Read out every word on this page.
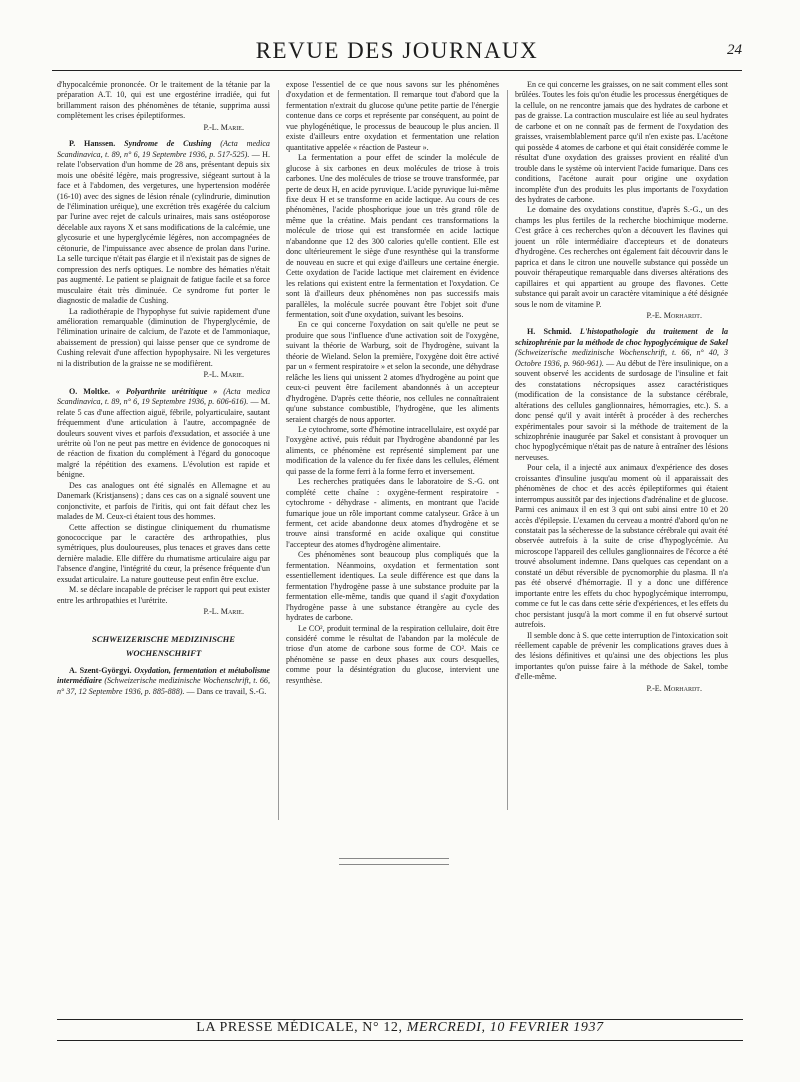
REVUE DES JOURNAUX	24

d'hypocalcémie prononcée. Or le traitement de la tétanie par la préparation A.T. 10, qui est une ergostérine irradiée, qui fut brillamment raison des phénomènes de tétanie, supprima aussi complètement les crises épileptiformes.

P.-L. Marie.

P. Hanssen. Syndrome de Cushing (Acta medica Scandinavica, t. 89, n° 6, 19 Septembre 1936, p. 517-525). — H. relate l'observation d'un homme de 28 ans, présentant depuis six mois une obésité légère, mais progressive, siégeant surtout à la face et à l'abdomen, des vergetures, une hypertension modérée (16-10) avec des signes de lésion rénale (cylindrurie, diminution de l'élimination uréique), une excrétion très exagérée du calcium par l'urine avec rejet de calculs urinaires, mais sans ostéoporose décelable aux rayons X et sans modifications de la calcémie, une glycosurie et une hyperglycémie légères, non accompagnées de cétonurie, de l'impuissance avec absence de prolan dans l'urine. La selle turcique n'était pas élargie et il n'existait pas de signes de compression des nerfs optiques. Le nombre des hématies n'était pas augmenté. Le patient se plaignait de fatigue facile et sa force musculaire était très diminuée. Ce syndrome fut porter le diagnostic de maladie de Cushing.

La radiothérapie de l'hypophyse fut suivie rapidement d'une amélioration remarquable (diminution de l'hyperglycémie, de l'élimination urinaire de calcium, de l'azote et de l'ammoniaque, abaissement de pression) qui laisse penser que ce syndrome de Cushing relevait d'une affection hypophysaire. Ni les vergetures ni la distribution de la graisse ne se modifièrent.

P.-L. Marie.

O. Moltke. « Polyarthrite urétritique » (Acta medica Scandinavica, t. 89, n° 6, 19 Septembre 1936, p. 606-616). — M. relate 5 cas d'une affection aiguë, fébrile, polyarticulaire, sautant fréquemment d'une articulation à l'autre, accompagnée de douleurs souvent vives et parfois d'exsudation, et associée à une urétrite où l'on ne peut pas mettre en évidence de gonocoques ni de réaction de fixation du complément à l'égard du gonocoque malgré la répétition des examens. L'évolution est rapide et bénigne.

Des cas analogues ont été signalés en Allemagne et au Danemark (Kristjansens) ; dans ces cas on a signalé souvent une conjonctivite, et parfois de l'iritis, qui ont fait défaut chez les malades de M. Ceux-ci étaient tous des hommes.

Cette affection se distingue cliniquement du rhumatisme gonococcique par le caractère des arthropathies, plus symétriques, plus douloureuses, plus tenaces et graves dans cette dernière maladie. Elle diffère du rhumatisme articulaire aigu par l'absence d'angine, l'intégrité du cœur, la présence fréquente d'un exsudat articulaire. La nature goutteuse peut enfin être exclue.

M. se déclare incapable de préciser le rapport qui peut exister entre les arthropathies et l'urétrite.

P.-L. Marie.
SCHWEIZERISCHE MEDIZINISCHE
WOCHENSCHRIFT

A. Szent-Györgyi. Oxydation, fermentation et métabolisme intermédiaire (Schweizerische medizinische Wochenschrift, t. 66, n° 37, 12 Septembre 1936, p. 885-888). — Dans ce travail, S.-G.

expose l'essentiel de ce que nous savons sur les phénomènes d'oxydation et de fermentation. Il remarque tout d'abord que la fermentation n'extrait du glucose qu'une petite partie de l'énergie contenue dans ce corps et représente par conséquent, au point de vue phylogénétique, le processus de beaucoup le plus ancien. Il existe d'ailleurs entre oxydation et fermentation une relation quantitative appelée « réaction de Pasteur ».

La fermentation a pour effet de scinder la molécule de glucose à six carbones en deux molécules de triose à trois carbones. Une des molécules de triose se trouve transformée, par perte de deux H, en acide pyruvique. L'acide pyruvique lui-même fixe deux H et se transforme en acide lactique. Au cours de ces phénomènes, l'acide phosphorique joue un très grand rôle de même que la créatine. Mais pendant ces transformations la molécule de triose qui est transformée en acide lactique n'abandonne que 12 des 300 calories qu'elle contient. Elle est donc ultérieurement le siège d'une resynthèse qui la transforme de nouveau en sucre et qui exige d'ailleurs une certaine énergie. Cette oxydation de l'acide lactique met clairement en évidence les relations qui existent entre la fermentation et l'oxydation. Ce sont là d'ailleurs deux phénomènes non pas successifs mais parallèles, la molécule sucrée pouvant être l'objet soit d'une fermentation, soit d'une oxydation, suivant les besoins.

En ce qui concerne l'oxydation on sait qu'elle ne peut se produire que sous l'influence d'une activation soit de l'oxygène, suivant la théorie de Warburg, soit de l'hydrogène, suivant la théorie de Wieland. Selon la première, l'oxygène doit être activé par un « ferment respiratoire » et selon la seconde, une déhydrase relâche les liens qui unissent 2 atomes d'hydrogène au point que ceux-ci peuvent être facilement abandonnés à un accepteur d'hydrogène. D'après cette théorie, nos cellules ne connaîtraient qu'une substance combustible, l'hydrogène, que les aliments seraient chargés de nous apporter.

Le cytochrome, sorte d'hémotine intracellulaire, est oxydé par l'oxygène activé, puis réduit par l'hydrogène abandonné par les aliments, ce phénomène est représenté simplement par une modification de la valence du fer fixée dans les cellules, élément qui passe de la forme ferri à la forme ferro et inversement.

Les recherches pratiquées dans le laboratoire de S.-G. ont complété cette chaîne : oxygène-ferment respiratoire - cytochrome - déhydrase - aliments, en montrant que l'acide fumarique joue un rôle important comme catalyseur. Grâce à un ferment, cet acide abandonne deux atomes d'hydrogène et se trouve ainsi transformé en acide oxalique qui constitue l'accepteur des atomes d'hydrogène alimentaire.

Ces phénomènes sont beaucoup plus compliqués que la fermentation. Néanmoins, oxydation et fermentation sont essentiellement identiques. La seule différence est que dans la fermentation l'hydrogène passe à une substance produite par la fermentation elle-même, tandis que quand il s'agit d'oxydation l'hydrogène passe à une substance étrangère au cycle des hydrates de carbone.

Le CO², produit terminal de la respiration cellulaire, doit être considéré comme le résultat de l'abandon par la molécule de triose d'un atome de carbone sous forme de CO². Mais ce phénomène se passe en deux phases aux cours desquelles, comme pour la désintégration du glucose, intervient une resynthèse.

En ce qui concerne les graisses, on ne sait comment elles sont brûlées. Toutes les fois qu'on étudie les processus énergétiques de la cellule, on ne rencontre jamais que des hydrates de carbone et pas de graisse. La contraction musculaire est liée au seul hydrates de carbone et on ne connaît pas de ferment de l'oxydation des graisses, vraisemblablement parce qu'il n'en existe pas. L'acétone qui possède 4 atomes de carbone et qui était considérée comme le résultat d'une oxydation des graisses provient en réalité d'un trouble dans le système où intervient l'acide fumarique. Dans ces conditions, l'acétone aurait pour origine une oxydation incomplète d'un des produits les plus importants de l'oxydation des hydrates de carbone.

Le domaine des oxydations constitue, d'après S.-G., un des champs les plus fertiles de la recherche biochimique moderne. C'est grâce à ces recherches qu'on a découvert les flavines qui jouent un rôle intermédiaire d'accepteurs et de donateurs d'hydrogène. Ces recherches ont également fait découvrir dans le paprica et dans le citron une nouvelle substance qui possède un pouvoir thérapeutique remarquable dans diverses altérations des capillaires et qui appartient au groupe des flavones. Cette substance qui paraît avoir un caractère vitaminique a été désignée sous le nom de vitamine P.

P.-E. Morhardt.

H. Schmid. L'histopathologie du traitement de la schizophrénie par la méthode de choc hypoglycémique de Sakel (Schweizerische medizinische Wochenschrift, t. 66, n° 40, 3 Octobre 1936, p. 960-961). — Au début de l'ère insulinique, on a souvent observé les accidents de surdosage de l'insuline et fait des constatations nécropsiques assez caractéristiques (modification de la consistance de la substance cérébrale, altérations des cellules ganglionnaires, hémorragies, etc.). S. a donc pensé qu'il y avait intérêt à procéder à des recherches expérimentales pour savoir si la méthode de traitement de la schizophrénie inaugurée par Sakel et consistant à provoquer un choc hypoglycémique n'était pas de nature à entraîner des lésions nerveuses.

Pour cela, il a injecté aux animaux d'expérience des doses croissantes d'insuline jusqu'au moment où il apparaissait des phénomènes de choc et des accès épileptiformes qui étaient interrompus aussitôt par des injections d'adrénaline et de glucose. Parmi ces animaux il en est 3 qui ont subi ainsi entre 10 et 20 accès d'épilepsie. L'examen du cerveau a montré d'abord qu'on ne constatait pas la sécheresse de la substance cérébrale qui avait été observée autrefois à la suite de crise d'hypoglycémie. Au microscope l'appareil des cellules ganglionnaires de l'écorce a été trouvé absolument indemne. Dans quelques cas cependant on a constaté un début réversible de pycnomorphie du plasma. Il n'a pas été observé d'hémorragie. Il y a donc une différence importante entre les effets du choc hypoglycémique interrompu, comme ce fut le cas dans cette série d'expériences, et les effets du choc persistant jusqu'à la mort comme il en fut observé surtout autrefois.

Il semble donc à S. que cette interruption de l'intoxication soit réellement capable de prévenir les complications graves dues à des lésions définitives et qu'ainsi une des objections les plus importantes qu'on puisse faire à la méthode de Sakel, tombe d'elle-même.

P.-E. Morhardt.
LA PRESSE MÉDICALE, N° 12, MERCREDI, 10 FEVRIER 1937
